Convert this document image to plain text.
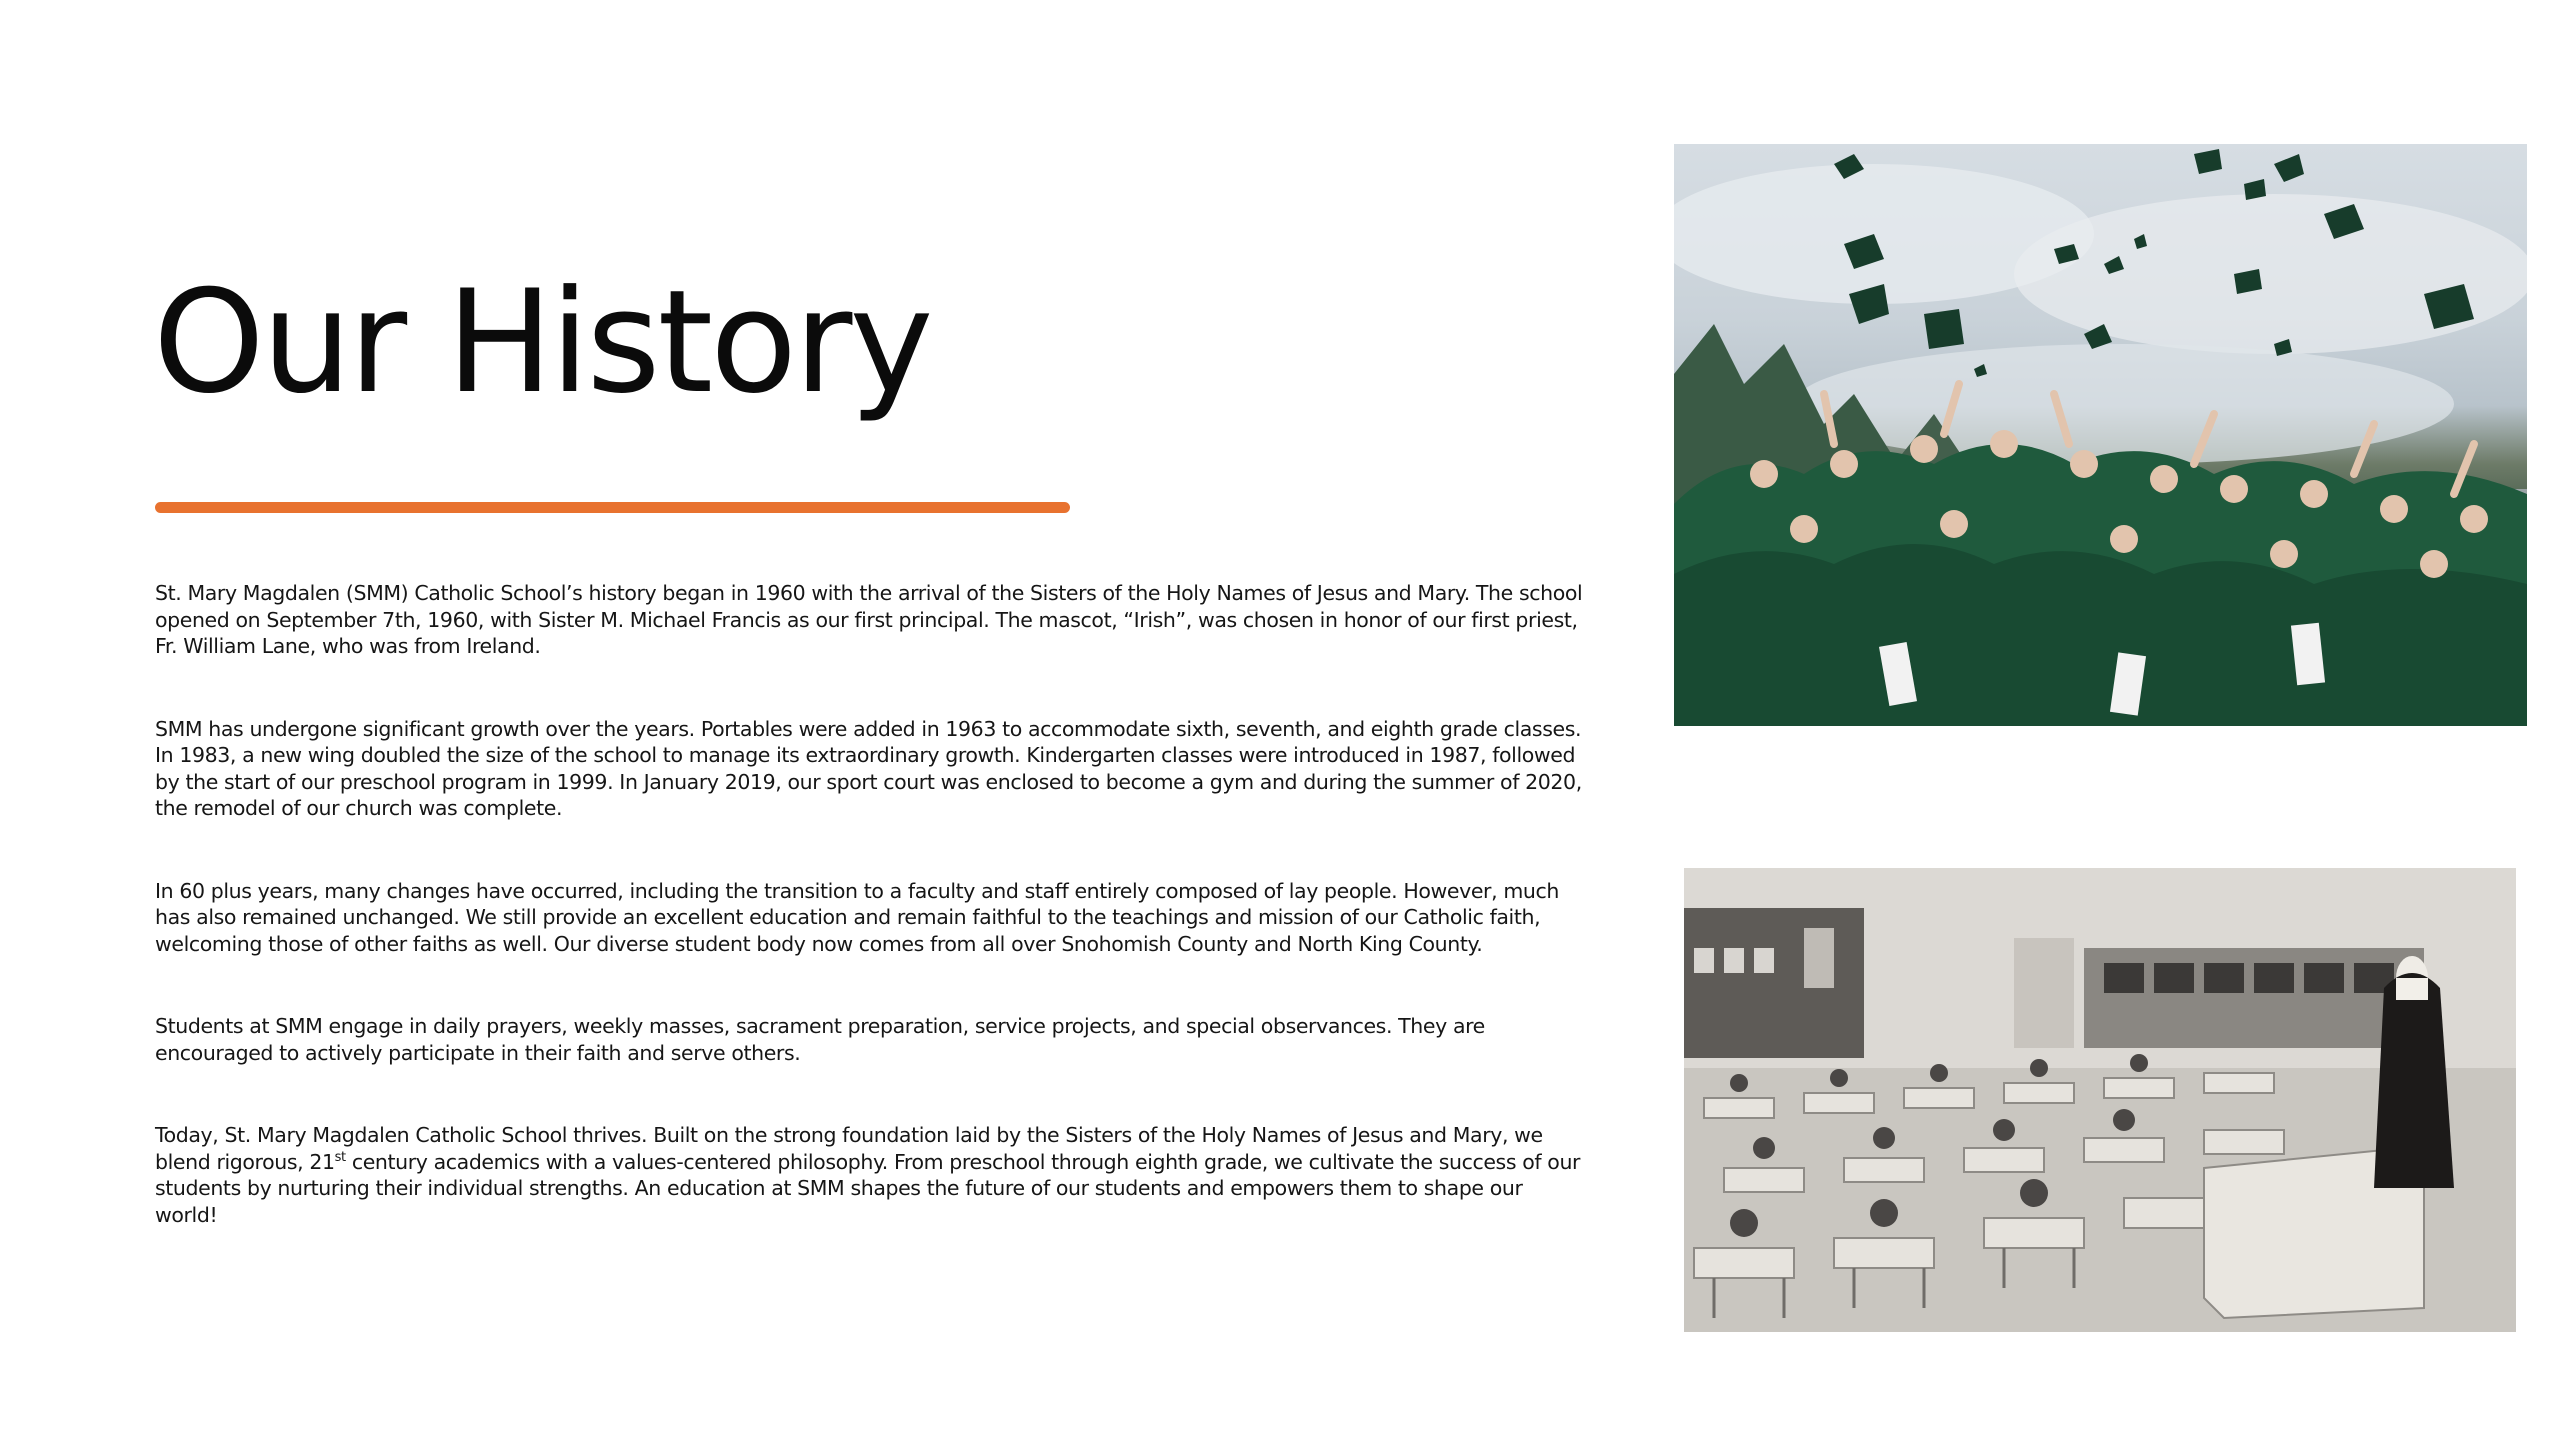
Our History

St. Mary Magdalen (SMM) Catholic School’s history began in 1960 with the arrival of the Sisters of the Holy Names of Jesus and Mary. The school opened on September 7th, 1960, with Sister M. Michael Francis as our first principal. The mascot, “Irish”, was chosen in honor of our first priest, Fr. William Lane, who was from Ireland.

SMM has undergone significant growth over the years. Portables were added in 1963 to accommodate sixth, seventh, and eighth grade classes. In 1983, a new wing doubled the size of the school to manage its extraordinary growth. Kindergarten classes were introduced in 1987, followed by the start of our preschool program in 1999. In January 2019, our sport court was enclosed to become a gym and during the summer of 2020, the remodel of our church was complete.

In 60 plus years, many changes have occurred, including the transition to a faculty and staff entirely composed of lay people. However, much has also remained unchanged. We still provide an excellent education and remain faithful to the teachings and mission of our Catholic faith, welcoming those of other faiths as well. Our diverse student body now comes from all over Snohomish County and North King County.

Students at SMM engage in daily prayers, weekly masses, sacrament preparation, service projects, and special observances. They are encouraged to actively participate in their faith and serve others.

Today, St. Mary Magdalen Catholic School thrives. Built on the strong foundation laid by the Sisters of the Holy Names of Jesus and Mary, we blend rigorous, 21st century academics with a values-centered philosophy. From preschool through eighth grade, we cultivate the success of our students by nurturing their individual strengths. An education at SMM shapes the future of our students and empowers them to shape our world!
